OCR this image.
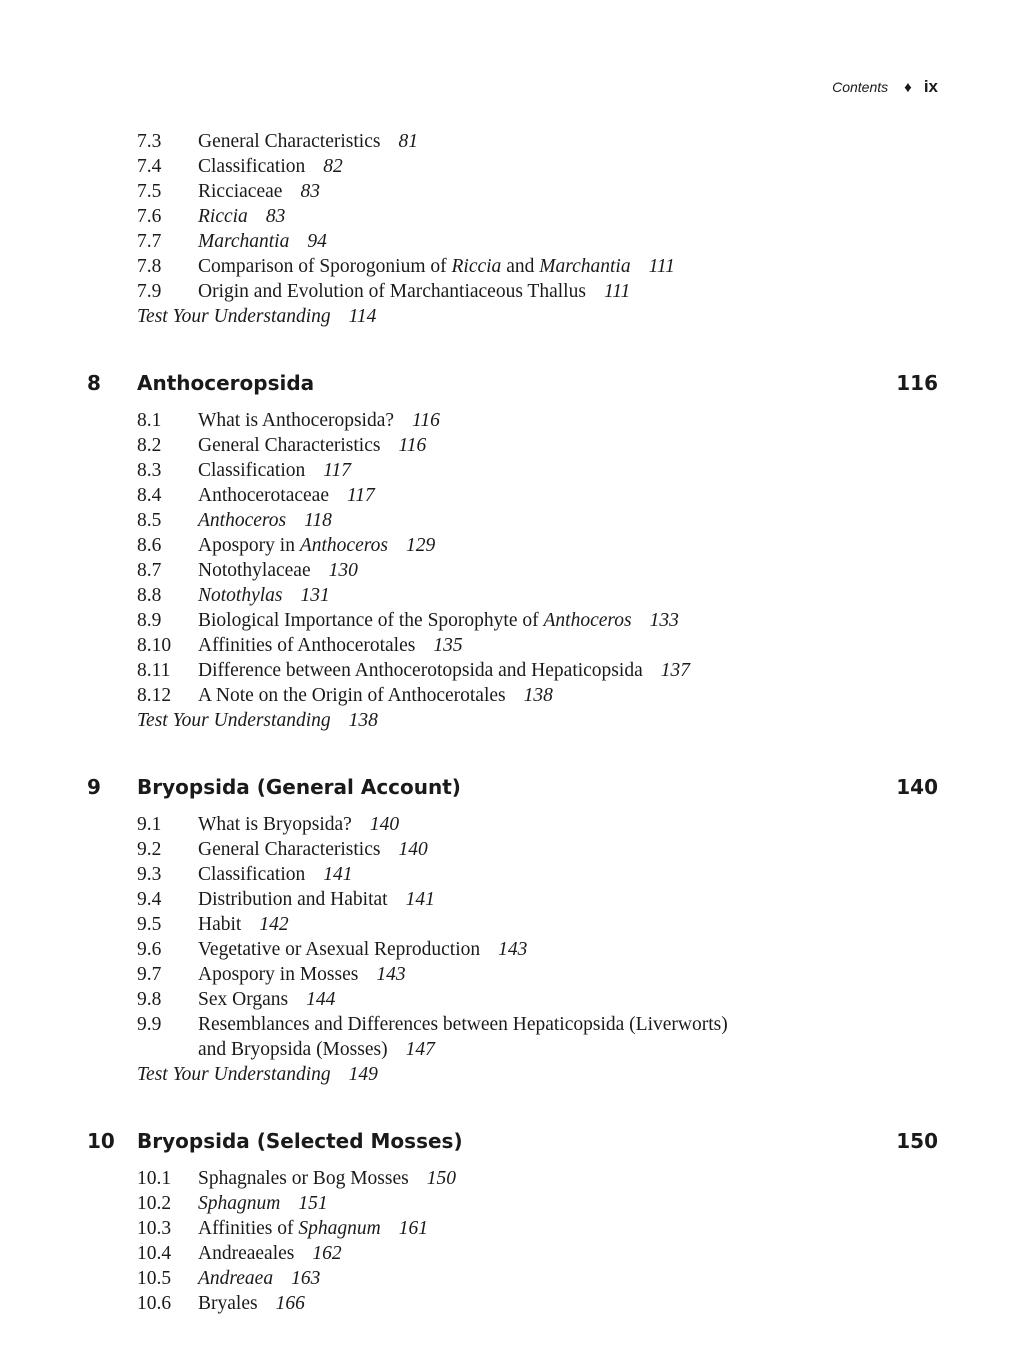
Contents ♦ ix
7.3 General Characteristics 81
7.4 Classification 82
7.5 Ricciaceae 83
7.6 Riccia 83
7.7 Marchantia 94
7.8 Comparison of Sporogonium of Riccia and Marchantia 111
7.9 Origin and Evolution of Marchantiaceous Thallus 111
Test Your Understanding 114
8	Anthoceropsida	116
8.1 What is Anthoceropsida? 116
8.2 General Characteristics 116
8.3 Classification 117
8.4 Anthocerotaceae 117
8.5 Anthoceros 118
8.6 Apospory in Anthoceros 129
8.7 Notothylaceae 130
8.8 Notothylas 131
8.9 Biological Importance of the Sporophyte of Anthoceros 133
8.10 Affinities of Anthocerotales 135
8.11 Difference between Anthocerotopsida and Hepaticopsida 137
8.12 A Note on the Origin of Anthocerotales 138
Test Your Understanding 138
9	Bryopsida (General Account)	140
9.1 What is Bryopsida? 140
9.2 General Characteristics 140
9.3 Classification 141
9.4 Distribution and Habitat 141
9.5 Habit 142
9.6 Vegetative or Asexual Reproduction 143
9.7 Apospory in Mosses 143
9.8 Sex Organs 144
9.9 Resemblances and Differences between Hepaticopsida (Liverworts)
and Bryopsida (Mosses) 147
Test Your Understanding 149
10	Bryopsida (Selected Mosses)	150
10.1 Sphagnales or Bog Mosses 150
10.2 Sphagnum 151
10.3 Affinities of Sphagnum 161
10.4 Andreaeales 162
10.5 Andreaea 163
10.6 Bryales 166
